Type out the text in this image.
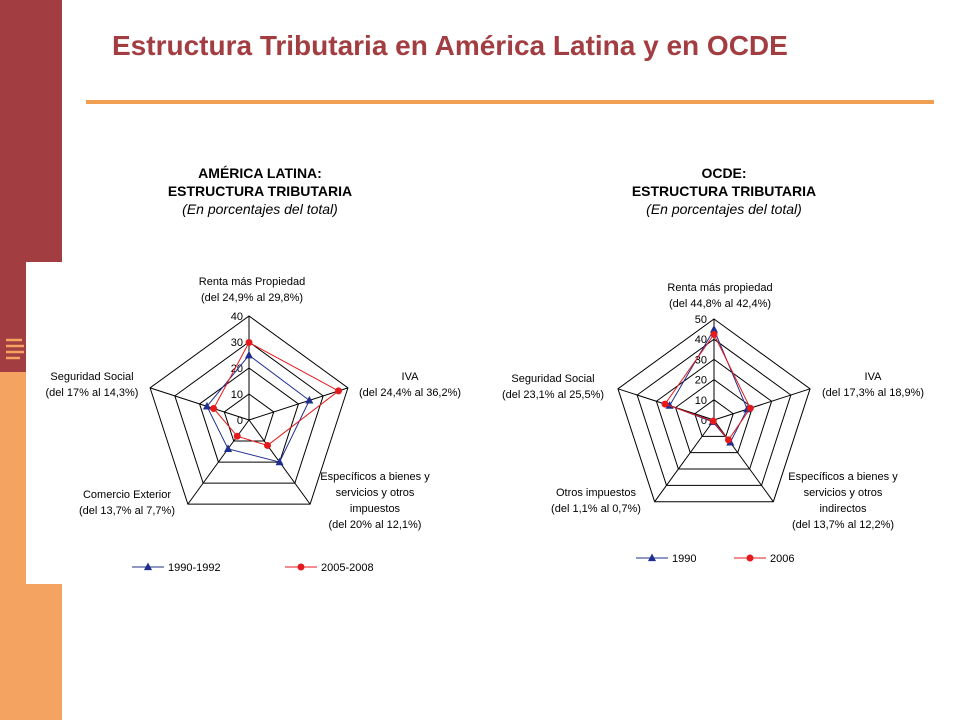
Estructura Tributaria en América Latina y en OCDE
AMÉRICA LATINA:
ESTRUCTURA TRIBUTARIA
(En porcentajes del total)
OCDE:
ESTRUCTURA TRIBUTARIA
(En porcentajes del total)
0
10
20
30
40
Renta más Propiedad
(del 24,9% al 29,8%)
IVA
(del 24,4% al 36,2%)
Específicos a bienes y
servicios y otros
impuestos
(del 20% al 12,1%)
Comercio Exterior
(del 13,7% al 7,7%)
Seguridad Social
(del 17% al 14,3%)
1990-1992	2005-2008
0
10
20
30
40
50
Renta más propiedad
(del 44,8% al 42,4%)
IVA
(del 17,3% al 18,9%)
Específicos a bienes y
servicios y otros
indirectos
(del 13,7% al 12,2%)
Otros impuestos
(del 1,1% al 0,7%)
Seguridad Social
(del 23,1% al 25,5%)
1990	2006
